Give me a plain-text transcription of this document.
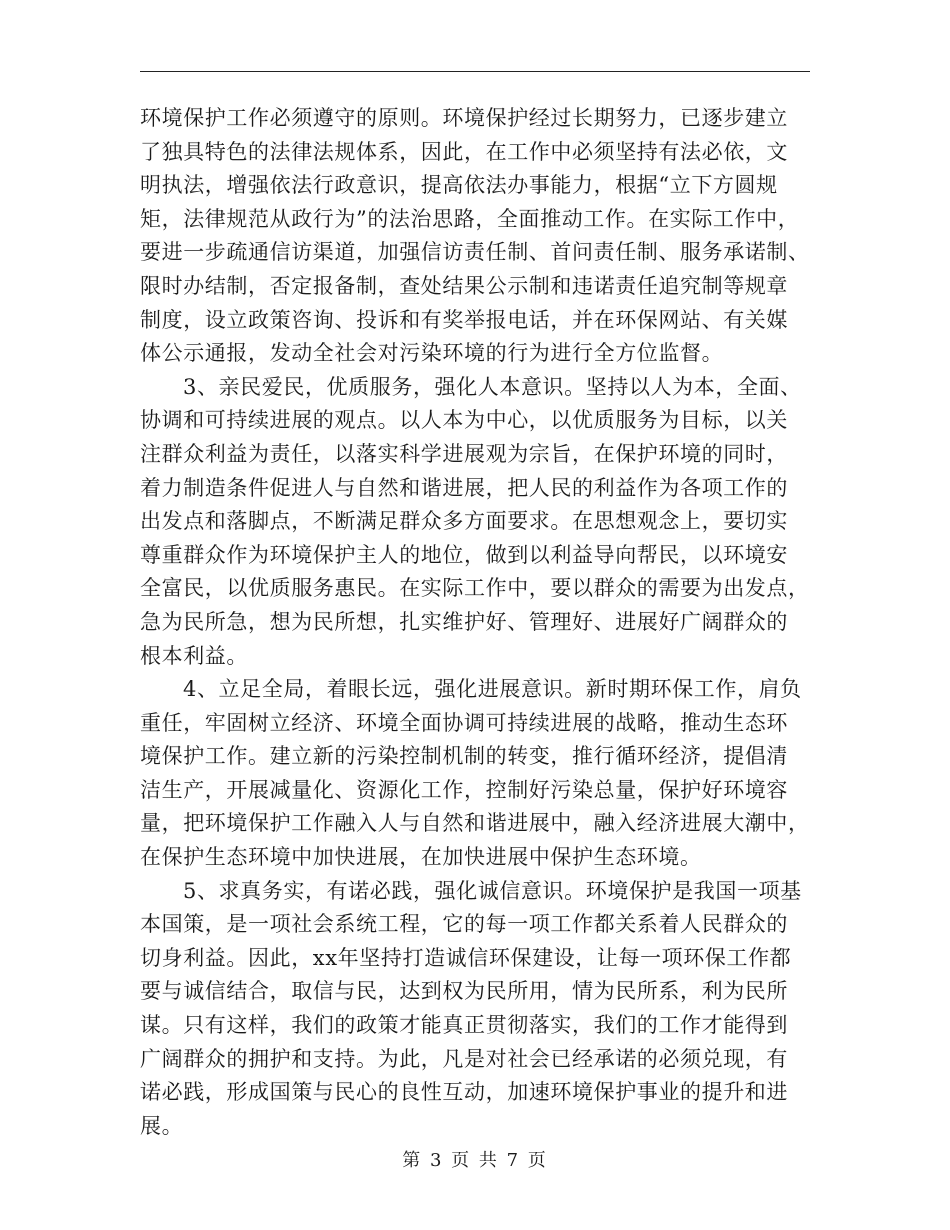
环境保护工作必须遵守的原则。环境保护经过长期努力，已逐步建立
了独具特色的法律法规体系，因此，在工作中必须坚持有法必依，文
明执法，增强依法行政意识，提高依法办事能力，根据“立下方圆规
矩，法律规范从政行为”的法治思路，全面推动工作。在实际工作中，
要进一步疏通信访渠道，加强信访责任制、首问责任制、服务承诺制、
限时办结制，否定报备制，查处结果公示制和违诺责任追究制等规章
制度，设立政策咨询、投诉和有奖举报电话，并在环保网站、有关媒
体公示通报，发动全社会对污染环境的行为进行全方位监督。
3、亲民爱民，优质服务，强化人本意识。坚持以人为本，全面、
协调和可持续进展的观点。以人本为中心，以优质服务为目标，以关
注群众利益为责任，以落实科学进展观为宗旨，在保护环境的同时，
着力制造条件促进人与自然和谐进展，把人民的利益作为各项工作的
出发点和落脚点，不断满足群众多方面要求。在思想观念上，要切实
尊重群众作为环境保护主人的地位，做到以利益导向帮民，以环境安
全富民，以优质服务惠民。在实际工作中，要以群众的需要为出发点，
急为民所急，想为民所想，扎实维护好、管理好、进展好广阔群众的
根本利益。
4、立足全局，着眼长远，强化进展意识。新时期环保工作，肩负
重任，牢固树立经济、环境全面协调可持续进展的战略，推动生态环
境保护工作。建立新的污染控制机制的转变，推行循环经济，提倡清
洁生产，开展减量化、资源化工作，控制好污染总量，保护好环境容
量，把环境保护工作融入人与自然和谐进展中，融入经济进展大潮中，
在保护生态环境中加快进展，在加快进展中保护生态环境。
5、求真务实，有诺必践，强化诚信意识。环境保护是我国一项基
本国策，是一项社会系统工程，它的每一项工作都关系着人民群众的
切身利益。因此，xx年坚持打造诚信环保建设，让每一项环保工作都
要与诚信结合，取信与民，达到权为民所用，情为民所系，利为民所
谋。只有这样，我们的政策才能真正贯彻落实，我们的工作才能得到
广阔群众的拥护和支持。为此，凡是对社会已经承诺的必须兑现，有
诺必践，形成国策与民心的良性互动，加速环境保护事业的提升和进
展。
第 3 页 共 7 页
